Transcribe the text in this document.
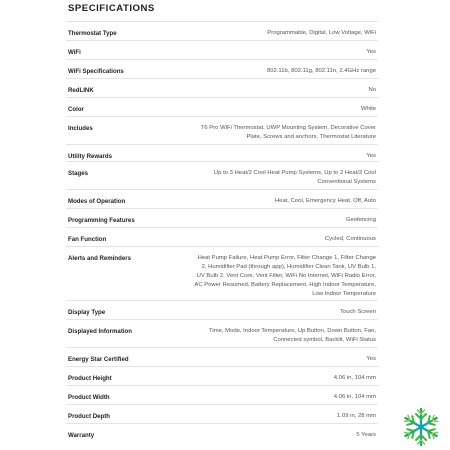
SPECIFICATIONS
Thermostat Type	Programmable, Digital, Low Voltage, WiFi
WiFi	Yes
WiFi Specifications	802.11b, 802.11g, 802.11n, 2.4GHz range
RedLINK	No
Color	White
Includes	T6 Pro WiFi Thermostat, UWP Mounting System, Decorative Cover Plate, Screws and anchors, Thermostat Literature
Utility Rewards	Yes
Stages	Up to 3 Heat/2 Cool Heat Pump Systems, Up to 2 Heat/2 Cool Conventional Systems
Modes of Operation	Heat, Cool, Emergency Heat, Off, Auto
Programming Features	Geofencing
Fan Function	Cycled, Continuous
Alerts and Reminders	Heat Pump Failure, Heat Pump Error, Filter Change 1, Filter Change 2, Humidifier Pad (through app), Humidifier Clean Tank, UV Bulb 1, UV Bulb 2, Vent Core, Vent Filter, WiFi No Internet, WiFi Radio Error, AC Power Resumed, Battery Replacement, High Indoor Temperature, Low Indoor Temperature
Display Type	Touch Screen
Displayed Information	Time, Mode, Indoor Temperature, Up Button, Down Button, Fan, Connected symbol, Backlit, WiFi Status
Energy Star Certified	Yes
Product Height	4.06 in, 104 mm
Product Width	4.06 in, 104 mm
Product Depth	1.09 in, 28 mm
Warranty	5 Years
